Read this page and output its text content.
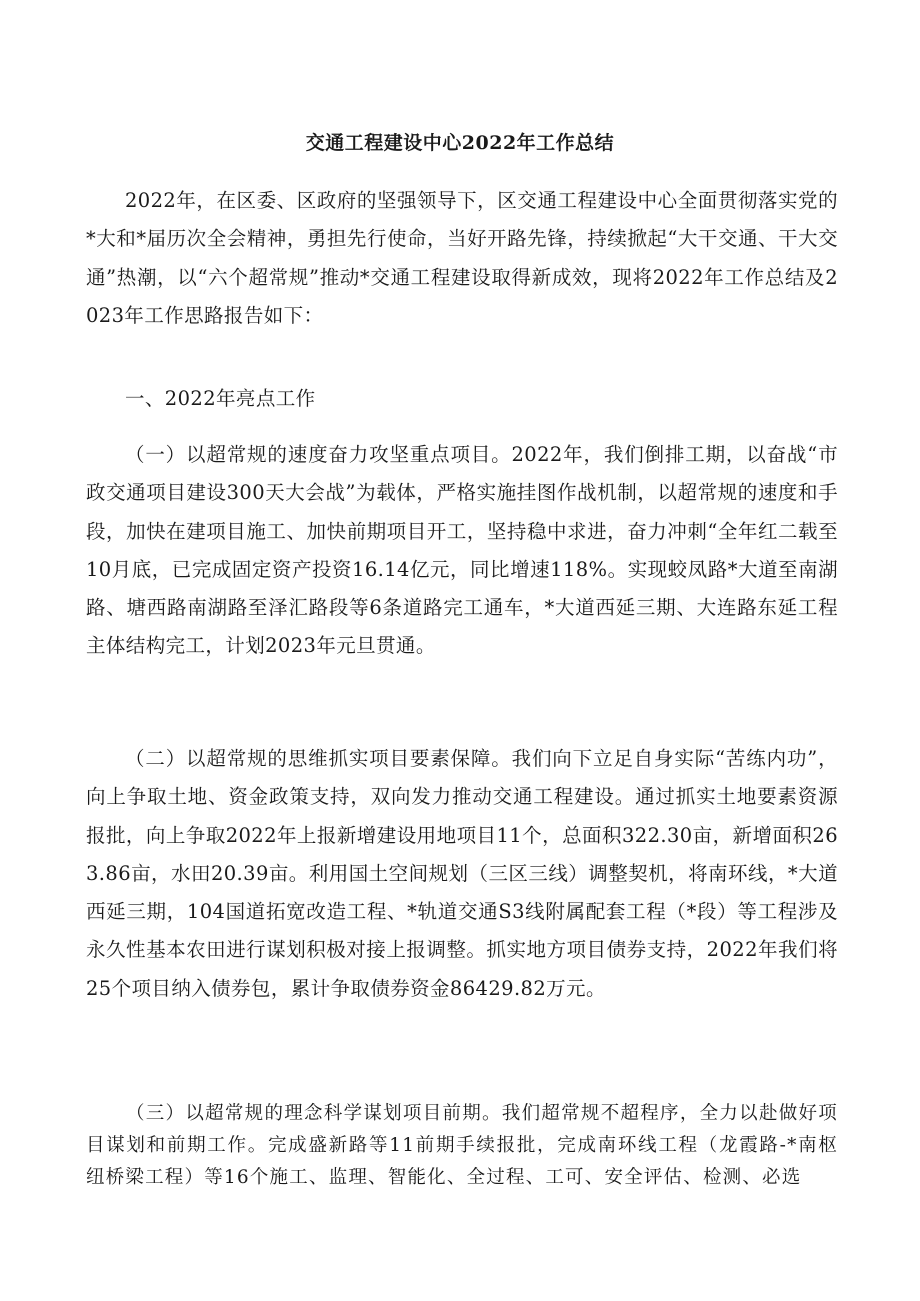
交通工程建设中心2022年工作总结

2022年，在区委、区政府的坚强领导下，区交通工程建设中心全面贯彻落实党的*大和*届历次全会精神，勇担先行使命，当好开路先锋，持续掀起“大干交通、干大交通”热潮，以“六个超常规”推动*交通工程建设取得新成效，现将2022年工作总结及2023年工作思路报告如下：

一、2022年亮点工作

（一）以超常规的速度奋力攻坚重点项目。2022年，我们倒排工期，以奋战“市政交通项目建设300天大会战”为载体，严格实施挂图作战机制，以超常规的速度和手段，加快在建项目施工、加快前期项目开工，坚持稳中求进，奋力冲刺“全年红二载至10月底，已完成固定资产投资16.14亿元，同比增速118%。实现蛟凤路*大道至南湖路、塘西路南湖路至泽汇路段等6条道路完工通车，*大道西延三期、大连路东延工程主体结构完工，计划2023年元旦贯通。

（二）以超常规的思维抓实项目要素保障。我们向下立足自身实际“苦练内功”，向上争取土地、资金政策支持，双向发力推动交通工程建设。通过抓实土地要素资源报批，向上争取2022年上报新增建设用地项目11个，总面积322.30亩，新增面积263.86亩，水田20.39亩。利用国土空间规划（三区三线）调整契机，将南环线，*大道西延三期，104国道拓宽改造工程、*轨道交通S3线附属配套工程（*段）等工程涉及永久性基本农田进行谋划积极对接上报调整。抓实地方项目债券支持，2022年我们将25个项目纳入债券包，累计争取债券资金86429.82万元。

（三）以超常规的理念科学谋划项目前期。我们超常规不超程序，全力以赴做好项目谋划和前期工作。完成盛新路等11前期手续报批，完成南环线工程（龙霞路-*南枢纽桥梁工程）等16个施工、监理、智能化、全过程、工可、安全评估、检测、必选
